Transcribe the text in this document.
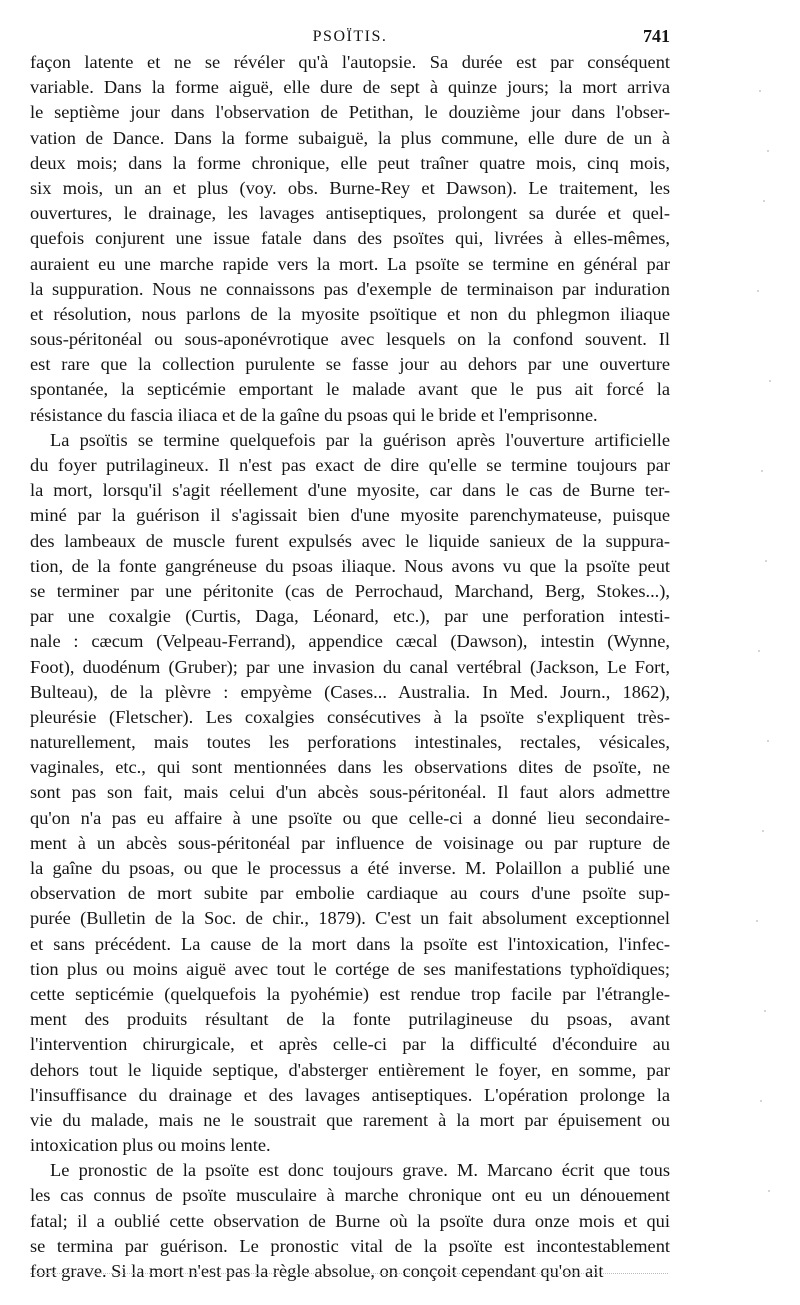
PSOÏTIS.	741
façon latente et ne se révéler qu'à l'autopsie. Sa durée est par conséquent
variable. Dans la forme aiguë, elle dure de sept à quinze jours; la mort arriva
le septième jour dans l'observation de Petithan, le douzième jour dans l'obser-
vation de Dance. Dans la forme subaiguë, la plus commune, elle dure de un à
deux mois; dans la forme chronique, elle peut traîner quatre mois, cinq mois,
six mois, un an et plus (voy. obs. Burne-Rey et Dawson). Le traitement, les
ouvertures, le drainage, les lavages antiseptiques, prolongent sa durée et quel-
quefois conjurent une issue fatale dans des psoïtes qui, livrées à elles-mêmes,
auraient eu une marche rapide vers la mort. La psoïte se termine en général par
la suppuration. Nous ne connaissons pas d'exemple de terminaison par induration
et résolution, nous parlons de la myosite psoïtique et non du phlegmon iliaque
sous-péritonéal ou sous-aponévrotique avec lesquels on la confond souvent. Il
est rare que la collection purulente se fasse jour au dehors par une ouverture
spontanée, la septicémie emportant le malade avant que le pus ait forcé la
résistance du fascia iliaca et de la gaîne du psoas qui le bride et l'emprisonne.
La psoïtis se termine quelquefois par la guérison après l'ouverture artificielle
du foyer putrilagineux. Il n'est pas exact de dire qu'elle se termine toujours par
la mort, lorsqu'il s'agit réellement d'une myosite, car dans le cas de Burne ter-
miné par la guérison il s'agissait bien d'une myosite parenchymateuse, puisque
des lambeaux de muscle furent expulsés avec le liquide sanieux de la suppura-
tion, de la fonte gangréneuse du psoas iliaque. Nous avons vu que la psoïte peut
se terminer par une péritonite (cas de Perrochaud, Marchand, Berg, Stokes...),
par une coxalgie (Curtis, Daga, Léonard, etc.), par une perforation intesti-
nale : cæcum (Velpeau-Ferrand), appendice cæcal (Dawson), intestin (Wynne,
Foot), duodénum (Gruber); par une invasion du canal vertébral (Jackson, Le Fort,
Bulteau), de la plèvre : empyème (Cases... Australia. In Med. Journ., 1862),
pleurésie (Fletscher). Les coxalgies consécutives à la psoïte s'expliquent très-
naturellement, mais toutes les perforations intestinales, rectales, vésicales,
vaginales, etc., qui sont mentionnées dans les observations dites de psoïte, ne
sont pas son fait, mais celui d'un abcès sous-péritonéal. Il faut alors admettre
qu'on n'a pas eu affaire à une psoïte ou que celle-ci a donné lieu secondaire-
ment à un abcès sous-péritonéal par influence de voisinage ou par rupture de
la gaîne du psoas, ou que le processus a été inverse. M. Polaillon a publié une
observation de mort subite par embolie cardiaque au cours d'une psoïte sup-
purée (Bulletin de la Soc. de chir., 1879). C'est un fait absolument exceptionnel
et sans précédent. La cause de la mort dans la psoïte est l'intoxication, l'infec-
tion plus ou moins aiguë avec tout le cortége de ses manifestations typhoïdiques;
cette septicémie (quelquefois la pyohémie) est rendue trop facile par l'étrangle-
ment des produits résultant de la fonte putrilagineuse du psoas, avant
l'intervention chirurgicale, et après celle-ci par la difficulté d'éconduire au
dehors tout le liquide septique, d'absterger entièrement le foyer, en somme, par
l'insuffisance du drainage et des lavages antiseptiques. L'opération prolonge la
vie du malade, mais ne le soustrait que rarement à la mort par épuisement ou
intoxication plus ou moins lente.
Le pronostic de la psoïte est donc toujours grave. M. Marcano écrit que tous
les cas connus de psoïte musculaire à marche chronique ont eu un dénouement
fatal; il a oublié cette observation de Burne où la psoïte dura onze mois et qui
se termina par guérison. Le pronostic vital de la psoïte est incontestablement
fort grave. Si la mort n'est pas la règle absolue, on conçoit cependant qu'on ait
